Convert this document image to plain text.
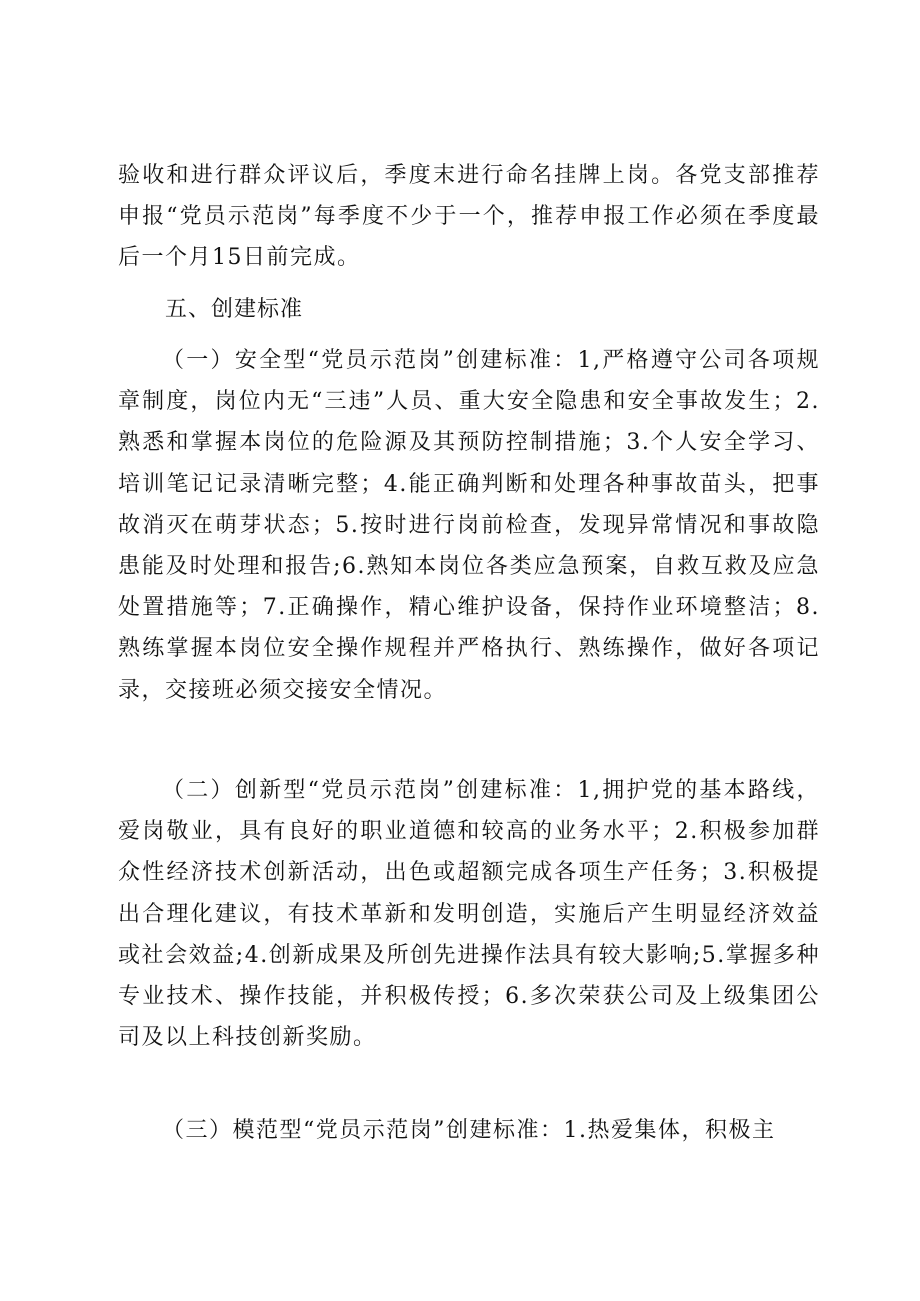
验收和进行群众评议后，季度末进行命名挂牌上岗。各党支部推荐申报“党员示范岗”每季度不少于一个，推荐申报工作必须在季度最后一个月15日前完成。

五、创建标准

（一）安全型“党员示范岗”创建标准：1,严格遵守公司各项规章制度，岗位内无“三违”人员、重大安全隐患和安全事故发生；2.熟悉和掌握本岗位的危险源及其预防控制措施；3.个人安全学习、培训笔记记录清晰完整；4.能正确判断和处理各种事故苗头，把事故消灭在萌芽状态；5.按时进行岗前检查，发现异常情况和事故隐患能及时处理和报告;6.熟知本岗位各类应急预案，自救互救及应急处置措施等；7.正确操作，精心维护设备，保持作业环境整洁；8.熟练掌握本岗位安全操作规程并严格执行、熟练操作，做好各项记录，交接班必须交接安全情况。

（二）创新型“党员示范岗”创建标准：1,拥护党的基本路线，爱岗敬业，具有良好的职业道德和较高的业务水平；2.积极参加群众性经济技术创新活动，出色或超额完成各项生产任务；3.积极提出合理化建议，有技术革新和发明创造，实施后产生明显经济效益或社会效益;4.创新成果及所创先进操作法具有较大影响;5.掌握多种专业技术、操作技能，并积极传授；6.多次荣获公司及上级集团公司及以上科技创新奖励。

（三）模范型“党员示范岗”创建标准：1.热爱集体，积极主
